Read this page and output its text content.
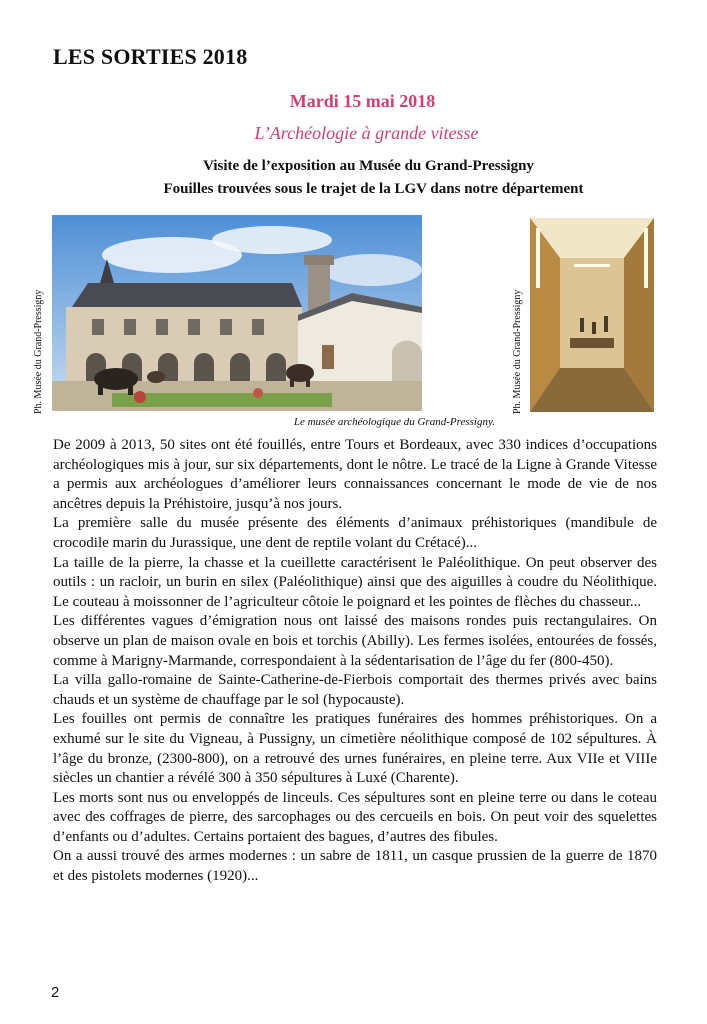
LES SORTIES 2018
Mardi 15 mai 2018
L’Archéologie à grande vitesse
Visite de l’exposition au Musée du Grand-Pressigny
Fouilles trouvées sous le trajet de la LGV dans notre département
Ph. Musée du Grand-Pressigny	Ph. Musée du Grand-Pressigny
Le musée archéologique du Grand-Pressigny.

De 2009 à 2013, 50 sites ont été fouillés, entre Tours et Bordeaux, avec 330 indices d’occupations archéologiques mis à jour, sur six départements, dont le nôtre. Le tracé de la Ligne à Grande Vitesse a permis aux archéologues d’améliorer leurs connaissances concernant le mode de vie de nos ancêtres depuis la Préhistoire, jusqu’à nos jours.

La première salle du musée présente des éléments d’animaux préhistoriques (mandibule de crocodile marin du Jurassique, une dent de reptile volant du Crétacé)...

La taille de la pierre, la chasse et la cueillette caractérisent le Paléolithique. On peut observer des outils : un racloir, un burin en silex (Paléolithique) ainsi que des aiguilles à coudre du Néolithique. Le couteau à moissonner de l’agriculteur côtoie le poignard et les pointes de flèches du chasseur...

Les différentes vagues d’émigration nous ont laissé des maisons rondes puis rectangulaires. On observe un plan de maison ovale en bois et torchis (Abilly). Les fermes isolées, entourées de fossés, comme à Marigny-Marmande, correspondaient à la sédentarisation de l’âge du fer (800-450).

La villa gallo-romaine de Sainte-Catherine-de-Fierbois comportait des thermes privés avec bains chauds et un système de chauffage par le sol (hypocauste).

Les fouilles ont permis de connaître les pratiques funéraires des hommes préhistoriques. On a exhumé sur le site du Vigneau, à Pussigny, un cimetière néolithique composé de 102 sépultures. À l’âge du bronze, (2300-800), on a retrouvé des urnes funéraires, en pleine terre. Aux VIIe et VIIIe siècles un chantier a révélé 300 à 350 sépultures à Luxé (Charente).

Les morts sont nus ou enveloppés de linceuls. Ces sépultures sont en pleine terre ou dans le coteau avec des coffrages de pierre, des sarcophages ou des cercueils en bois. On peut voir des squelettes d’enfants ou d’adultes. Certains portaient des bagues, d’autres des fibules.

On a aussi trouvé des armes modernes : un sabre de 1811, un casque prussien de la guerre de 1870 et des pistolets modernes (1920)...

2
